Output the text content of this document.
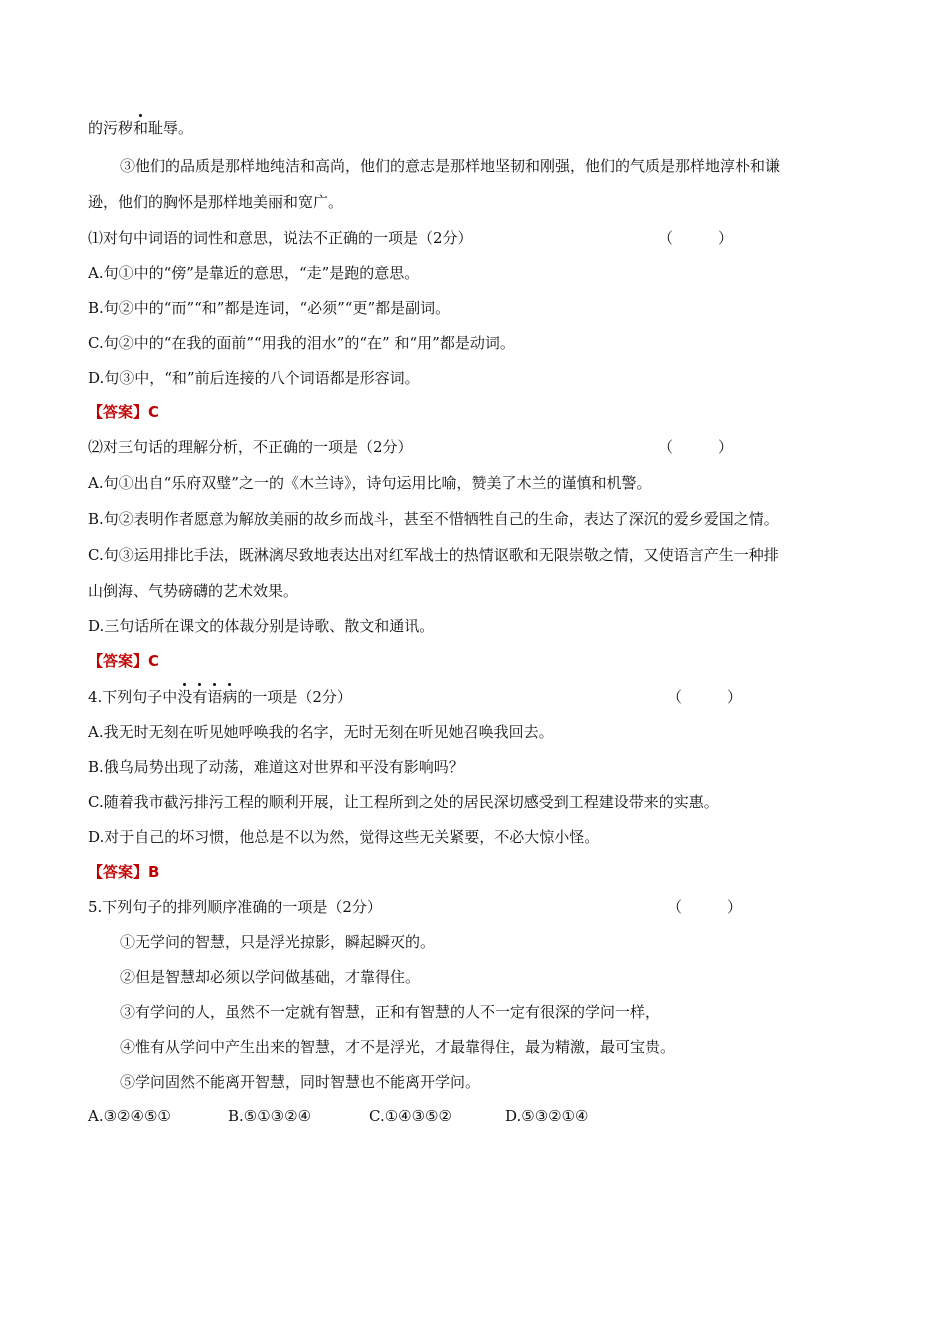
的污秽和耻辱。
③他们的品质是那样地纯洁和高尚，他们的意志是那样地坚韧和刚强，他们的气质是那样地淳朴和谦
逊，他们的胸怀是那样地美丽和宽广。
⑴对句中词语的词性和意思，说法不正确的一项是（2分）	（　　　）
A.句①中的“傍”是靠近的意思，“走”是跑的意思。
B.句②中的“而”“和”都是连词，“必须”“更”都是副词。
C.句②中的“在我的面前”“用我的泪水”的“在” 和“用”都是动词。
D.句③中，“和”前后连接的八个词语都是形容词。
【答案】C
⑵对三句话的理解分析，不正确的一项是（2分）	（　　　）
A.句①出自“乐府双璧”之一的《木兰诗》，诗句运用比喻，赞美了木兰的谨慎和机警。
B.句②表明作者愿意为解放美丽的故乡而战斗，甚至不惜牺牲自己的生命，表达了深沉的爱乡爱国之情。
C.句③运用排比手法，既淋漓尽致地表达出对红军战士的热情讴歌和无限崇敬之情，又使语言产生一种排
山倒海、气势磅礴的艺术效果。
D.三句话所在课文的体裁分别是诗歌、散文和通讯。
【答案】C
4.下列句子中没有语病的一项是（2分）	（　　　）
A.我无时无刻在听见她呼唤我的名字，无时无刻在听见她召唤我回去。
B.俄乌局势出现了动荡，难道这对世界和平没有影响吗？
C.随着我市截污排污工程的顺利开展，让工程所到之处的居民深切感受到工程建设带来的实惠。
D.对于自己的坏习惯，他总是不以为然，觉得这些无关紧要，不必大惊小怪。
【答案】B
5.下列句子的排列顺序准确的一项是（2分）	（　　　）
①无学问的智慧，只是浮光掠影，瞬起瞬灭的。
②但是智慧却必须以学问做基础，才靠得住。
③有学问的人，虽然不一定就有智慧，正和有智慧的人不一定有很深的学问一样，
④惟有从学问中产生出来的智慧，才不是浮光，才最靠得住，最为精激，最可宝贵。
⑤学问固然不能离开智慧，同时智慧也不能离开学问。
A.③②④⑤①	B.⑤①③②④	C.①④③⑤②	D.⑤③②①④
